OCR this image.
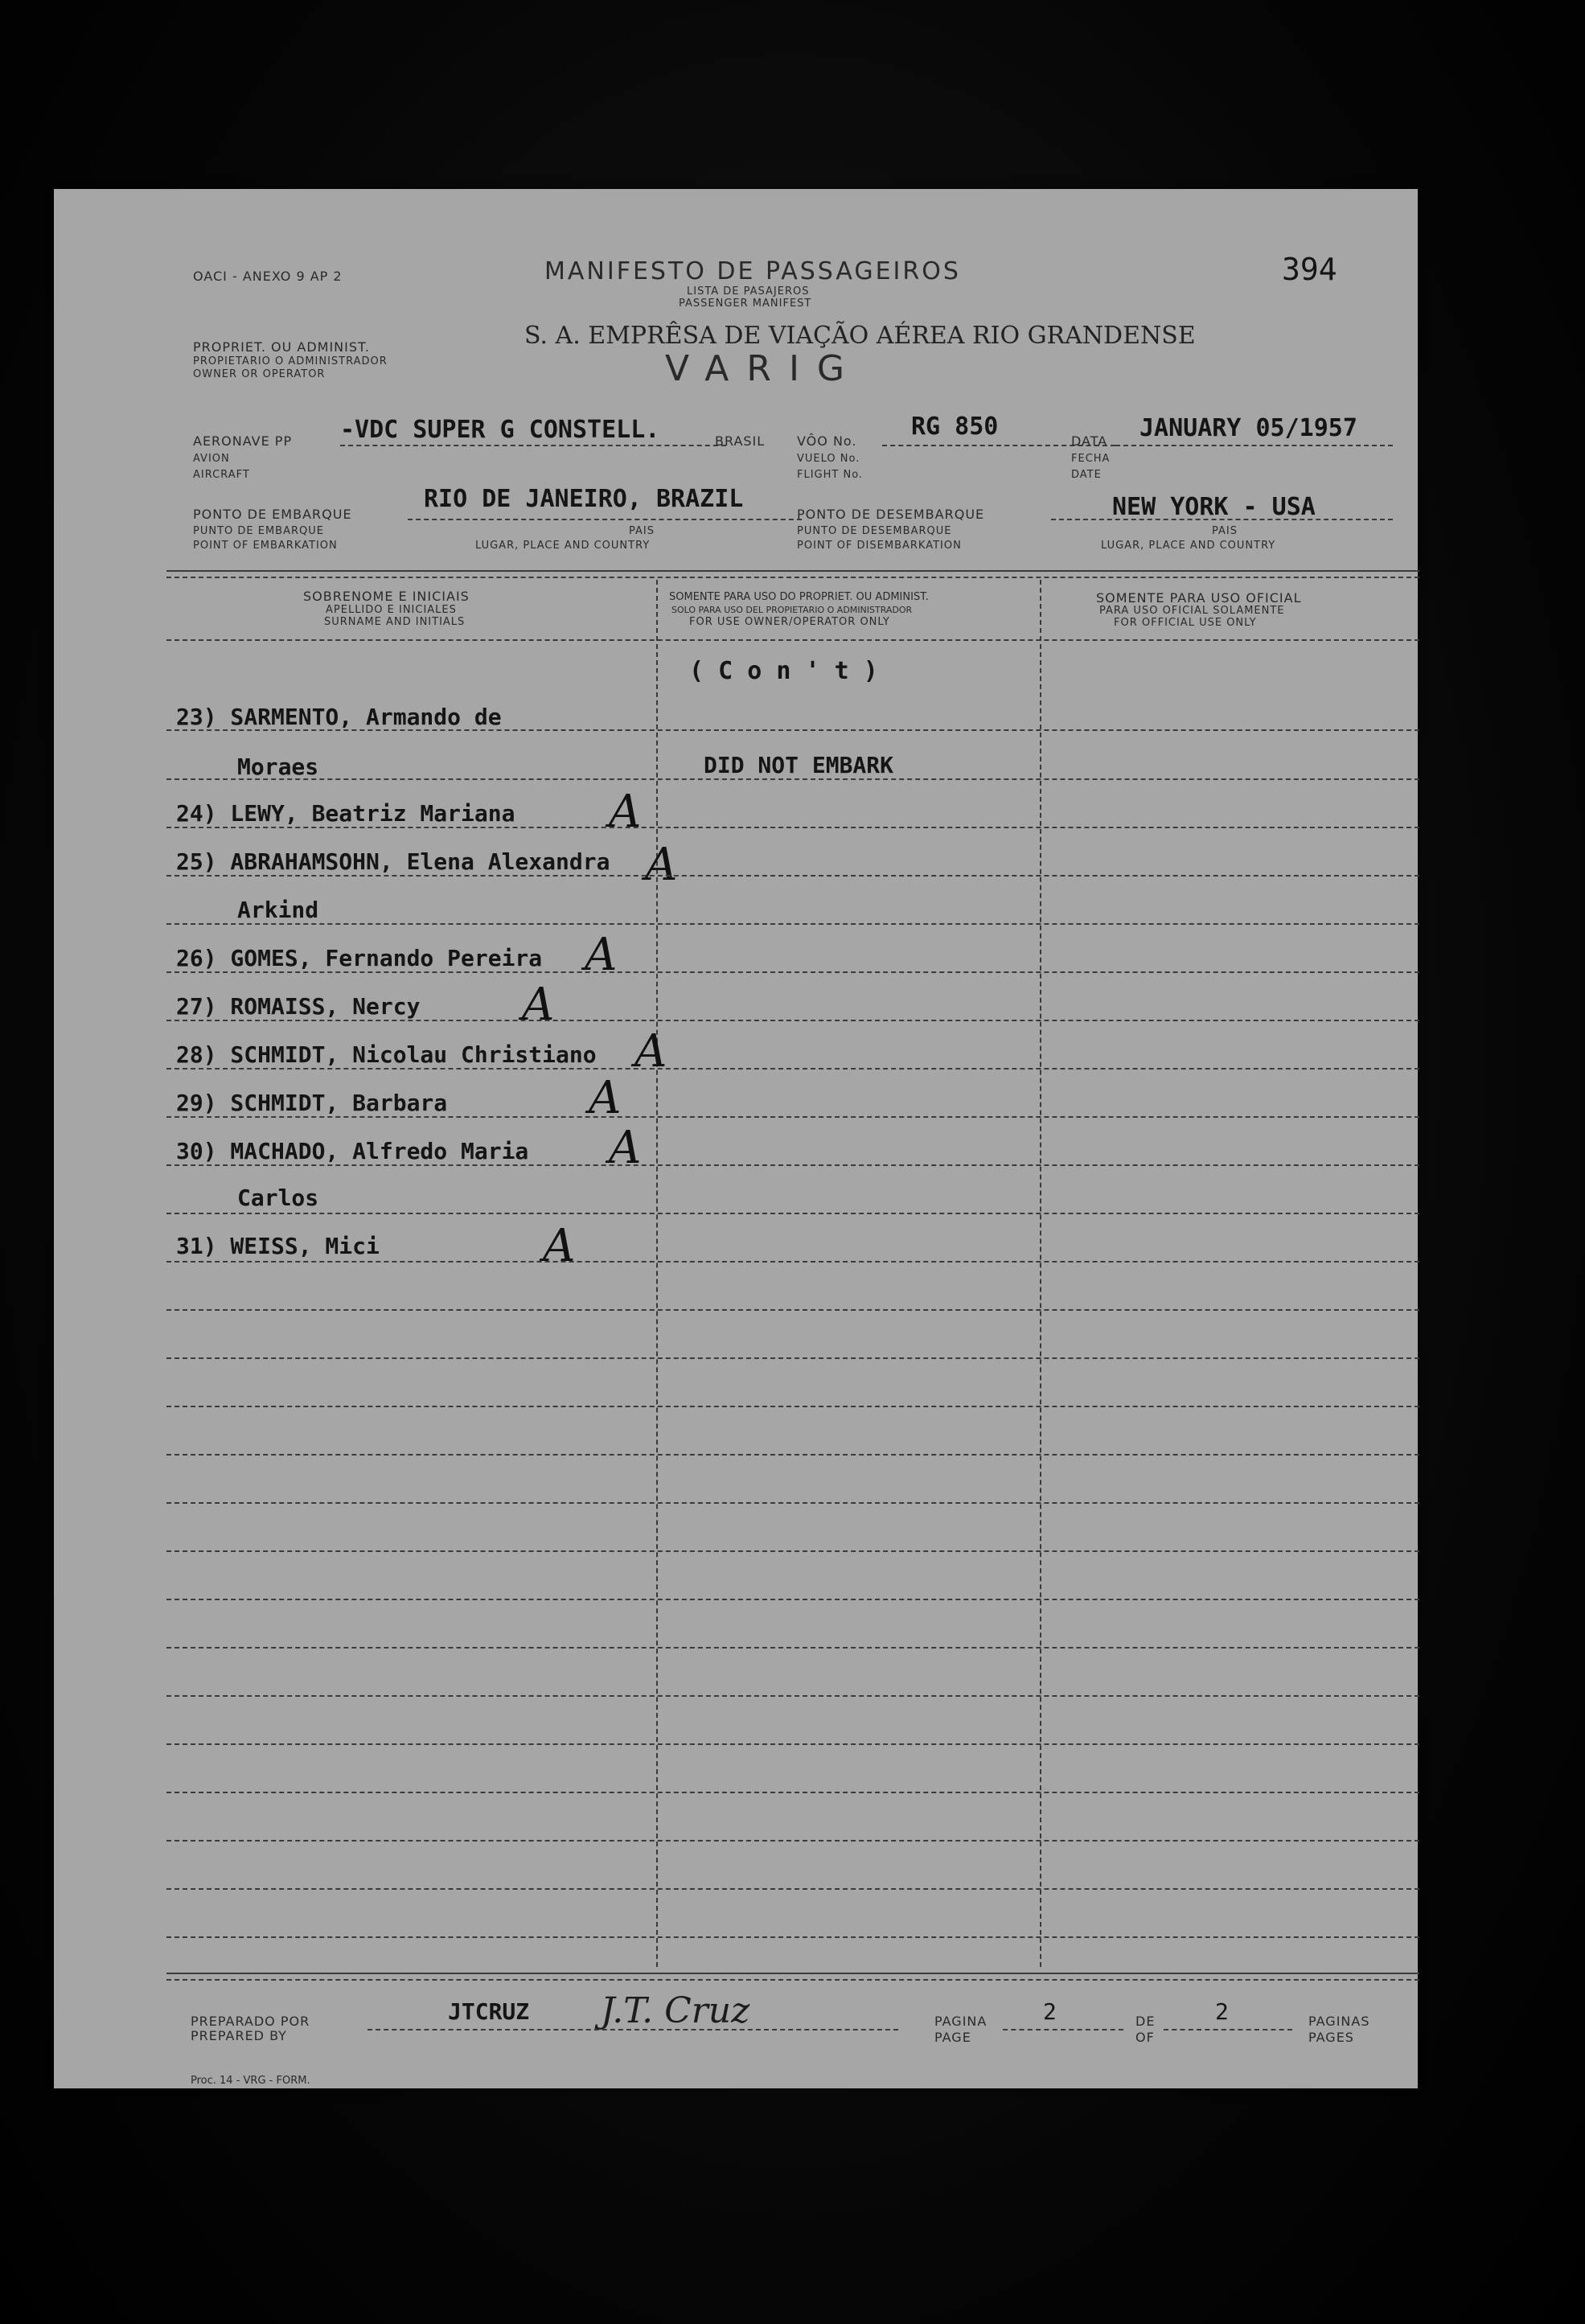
OACI - ANEXO 9 AP 2	MANIFESTO DE PASSAGEIROS
LISTA DE PASAJEROS
PASSENGER MANIFEST
394
PROPRIET. OU ADMINIST.
PROPIETARIO O ADMINISTRADOR
OWNER OR OPERATOR
S. A. EMPRÊSA DE VIAÇÃO AÉREA RIO GRANDENSE
VARIG
AERONAVE PP
AVION
AIRCRAFT
-VDC SUPER G CONSTELL.	BRASIL VÔO No.
VUELO No.
FLIGHT No.
RG 850
DATA
FECHA
DATE
JANUARY 05/1957
PONTO DE EMBARQUE
PUNTO DE EMBARQUE
POINT OF EMBARKATION
RIO DE JANEIRO, BRAZIL
PAIS
LUGAR, PLACE AND COUNTRY
PONTO DE DESEMBARQUE
PUNTO DE DESEMBARQUE
POINT OF DISEMBARKATION
NEW YORK - USA
PAIS
LUGAR, PLACE AND COUNTRY
SOBRENOME E INICIAIS
APELLIDO E INICIALES
SURNAME AND INITIALS
SOMENTE PARA USO DO PROPRIET. OU ADMINIST.
SOLO PARA USO DEL PROPIETARIO O ADMINISTRADOR
FOR USE OWNER/OPERATOR ONLY
SOMENTE PARA USO OFICIAL
PARA USO OFICIAL SOLAMENTE
FOR OFFICIAL USE ONLY
( C o n ' t )
23) SARMENTO, Armando de
Moraes	DID NOT EMBARK
24) LEWY, Beatriz Mariana A
25) ABRAHAMSOHN, Elena Alexandra A
Arkind
26) GOMES, Fernando Pereira A
27) ROMAISS, Nercy A
28) SCHMIDT, Nicolau Christiano A
29) SCHMIDT, Barbara	A
30) MACHADO, Alfredo Maria A
Carlos
31) WEISS, Mici	A
PREPARADO POR
PREPARED BY
JTCRUZ J.T. Cruz	PAGINA
PAGE
2	DE
OF
2	PAGINAS
PAGES
Proc. 14 - VRG - FORM.
